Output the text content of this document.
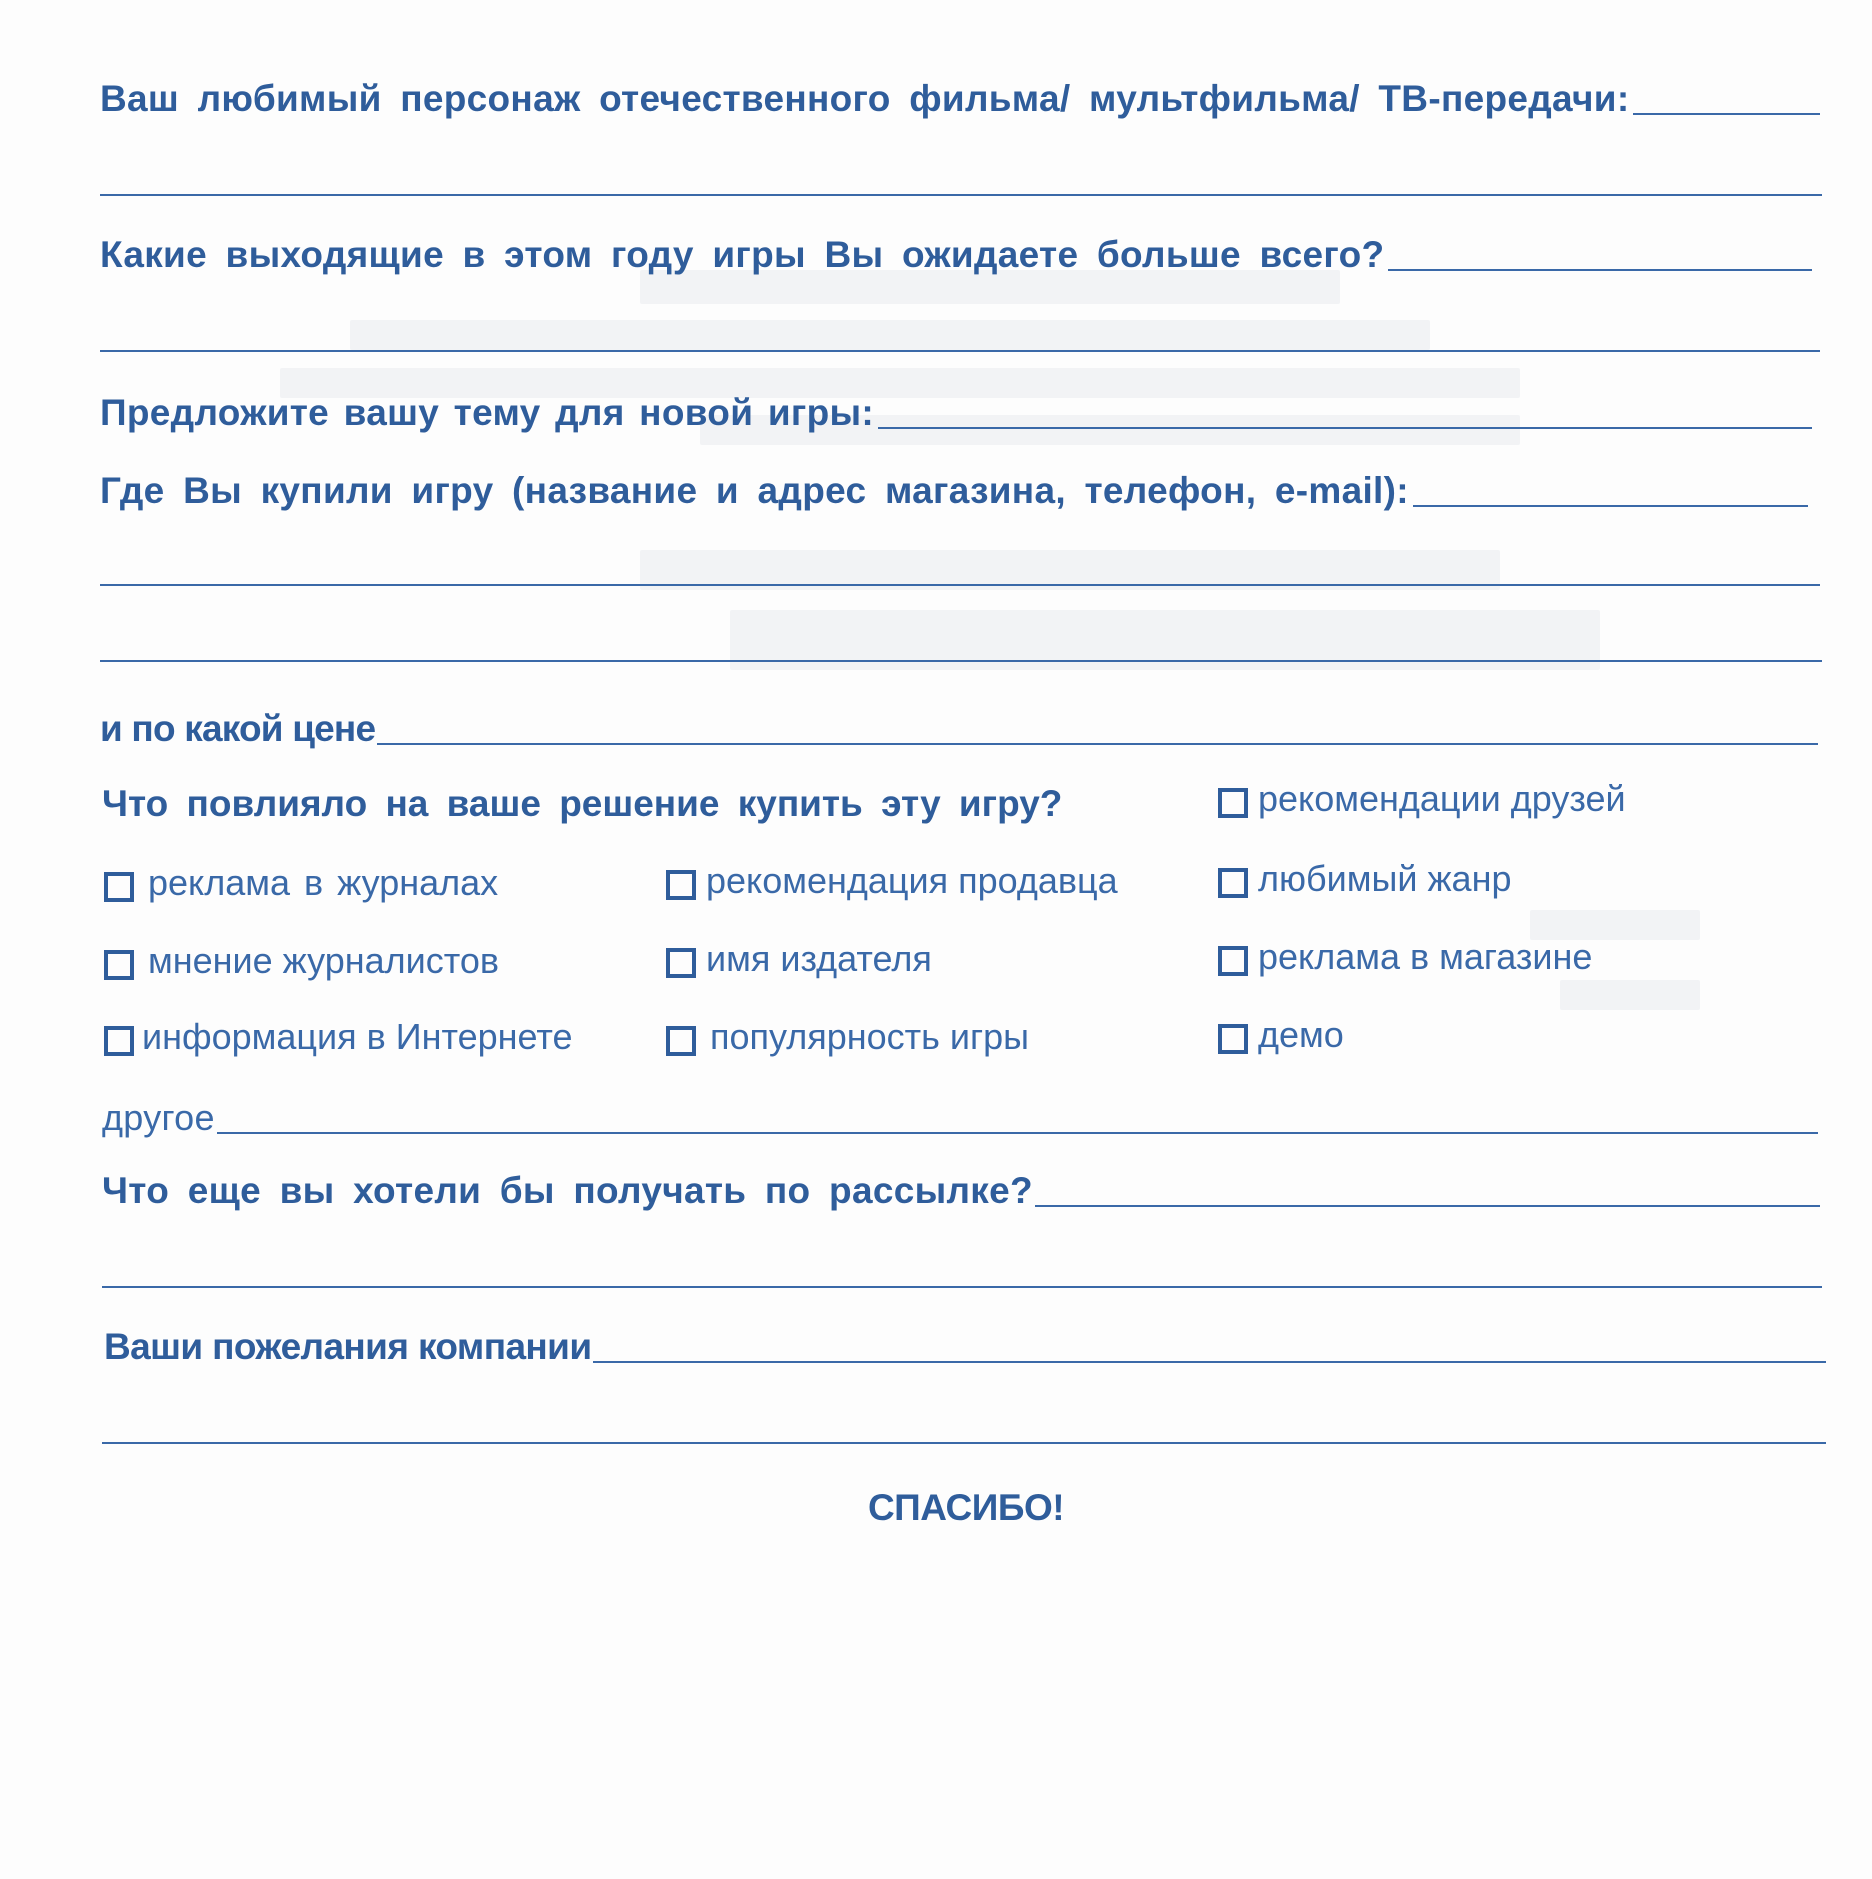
Ваш любимый персонаж отечественного фильма/ мультфильма/ ТВ-передачи:
Какие выходящие в этом году игры Вы ожидаете больше всего?
Предложите вашу тему для новой игры:
Где Вы купили игру (название и адрес магазина, телефон, e-mail):
и по какой цене
Что повлияло на ваше решение купить эту игру?	рекомендации друзей
реклама в журналах	рекомендация продавца	любимый жанр
мнение журналистов	имя издателя	реклама в магазине
информация в Интернете	популярность игры	демо
другое
Что еще вы хотели бы получать по рассылке?
Ваши пожелания компании
СПАСИБО!
